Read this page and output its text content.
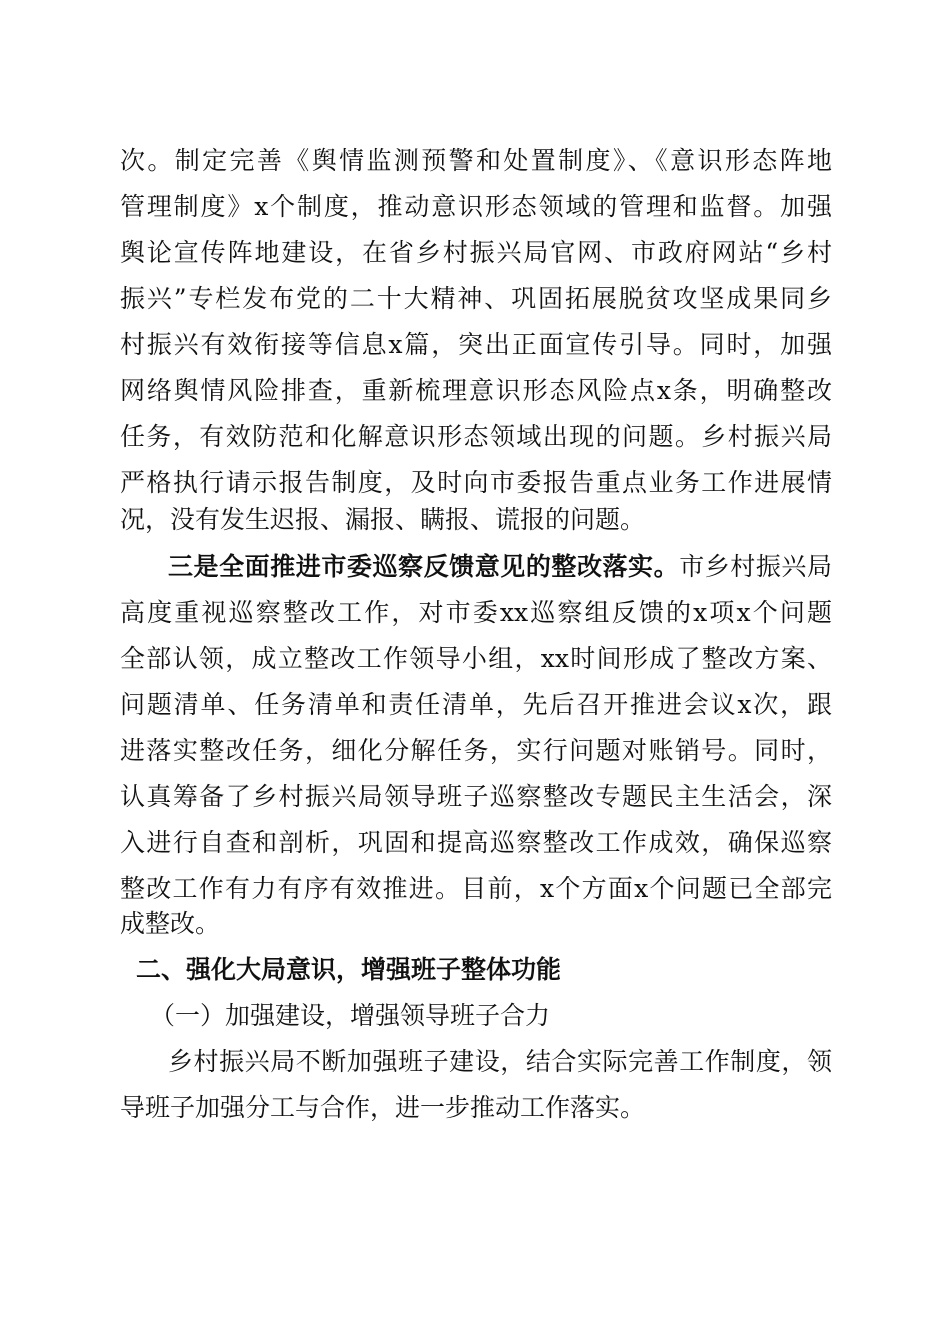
次。制定完善《舆情监测预警和处置制度》、《意识形态阵地
管理制度》x个制度，推动意识形态领域的管理和监督。加强
舆论宣传阵地建设，在省乡村振兴局官网、市政府网站“乡村
振兴”专栏发布党的二十大精神、巩固拓展脱贫攻坚成果同乡
村振兴有效衔接等信息x篇，突出正面宣传引导。同时，加强
网络舆情风险排查，重新梳理意识形态风险点x条，明确整改
任务，有效防范和化解意识形态领域出现的问题。乡村振兴局
严格执行请示报告制度，及时向市委报告重点业务工作进展情
况，没有发生迟报、漏报、瞒报、谎报的问题。
三是全面推进市委巡察反馈意见的整改落实。市乡村振兴局
高度重视巡察整改工作，对市委xx巡察组反馈的x项x个问题
全部认领，成立整改工作领导小组，xx时间形成了整改方案、
问题清单、任务清单和责任清单，先后召开推进会议x次，跟
进落实整改任务，细化分解任务，实行问题对账销号。同时，
认真筹备了乡村振兴局领导班子巡察整改专题民主生活会，深
入进行自查和剖析，巩固和提高巡察整改工作成效，确保巡察
整改工作有力有序有效推进。目前，x个方面x个问题已全部完
成整改。
二、强化大局意识，增强班子整体功能
（一）加强建设，增强领导班子合力
乡村振兴局不断加强班子建设，结合实际完善工作制度，领
导班子加强分工与合作，进一步推动工作落实。
